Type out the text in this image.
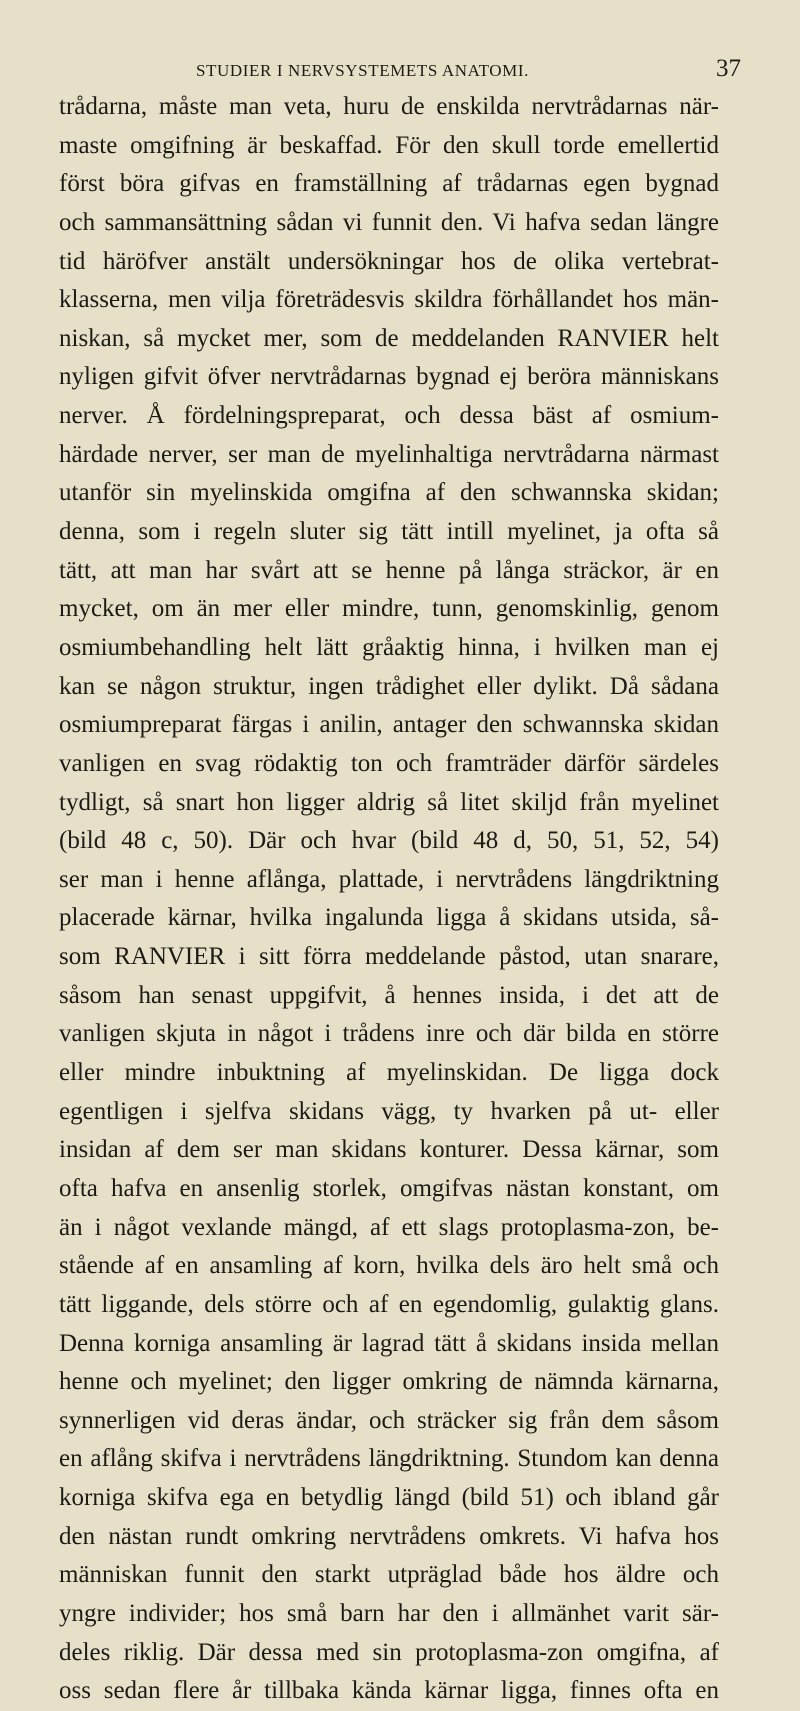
STUDIER I NERVSYSTEMETS ANATOMI.	37
trådarna, måste man veta, huru de enskilda nervtrådarnas när-
maste omgifning är beskaffad. För den skull torde emellertid
först böra gifvas en framställning af trådarnas egen bygnad
och sammansättning sådan vi funnit den. Vi hafva sedan längre
tid häröfver anstält undersökningar hos de olika vertebrat-
klasserna, men vilja företrädesvis skildra förhållandet hos män-
niskan, så mycket mer, som de meddelanden RANVIER helt
nyligen gifvit öfver nervtrådarnas bygnad ej beröra människans
nerver. Å fördelningspreparat, och dessa bäst af osmium-
härdade nerver, ser man de myelinhaltiga nervtrådarna närmast
utanför sin myelinskida omgifna af den schwannska skidan;
denna, som i regeln sluter sig tätt intill myelinet, ja ofta så
tätt, att man har svårt att se henne på långa sträckor, är en
mycket, om än mer eller mindre, tunn, genomskinlig, genom
osmiumbehandling helt lätt gråaktig hinna, i hvilken man ej
kan se någon struktur, ingen trådighet eller dylikt. Då sådana
osmiumpreparat färgas i anilin, antager den schwannska skidan
vanligen en svag rödaktig ton och framträder därför särdeles
tydligt, så snart hon ligger aldrig så litet skiljd från myelinet
(bild 48 c, 50). Där och hvar (bild 48 d, 50, 51, 52, 54)
ser man i henne aflånga, plattade, i nervtrådens längdriktning
placerade kärnar, hvilka ingalunda ligga å skidans utsida, så-
som RANVIER i sitt förra meddelande påstod, utan snarare,
såsom han senast uppgifvit, å hennes insida, i det att de
vanligen skjuta in något i trådens inre och där bilda en större
eller mindre inbuktning af myelinskidan. De ligga dock
egentligen i sjelfva skidans vägg, ty hvarken på ut- eller
insidan af dem ser man skidans konturer. Dessa kärnar, som
ofta hafva en ansenlig storlek, omgifvas nästan konstant, om
än i något vexlande mängd, af ett slags protoplasma-zon, be-
stående af en ansamling af korn, hvilka dels äro helt små och
tätt liggande, dels större och af en egendomlig, gulaktig glans.
Denna korniga ansamling är lagrad tätt å skidans insida mellan
henne och myelinet; den ligger omkring de nämnda kärnarna,
synnerligen vid deras ändar, och sträcker sig från dem såsom
en aflång skifva i nervtrådens längdriktning. Stundom kan denna
korniga skifva ega en betydlig längd (bild 51) och ibland går
den nästan rundt omkring nervtrådens omkrets. Vi hafva hos
människan funnit den starkt utpräglad både hos äldre och
yngre individer; hos små barn har den i allmänhet varit sär-
deles riklig. Där dessa med sin protoplasma-zon omgifna, af
oss sedan flere år tillbaka kända kärnar ligga, finnes ofta en
